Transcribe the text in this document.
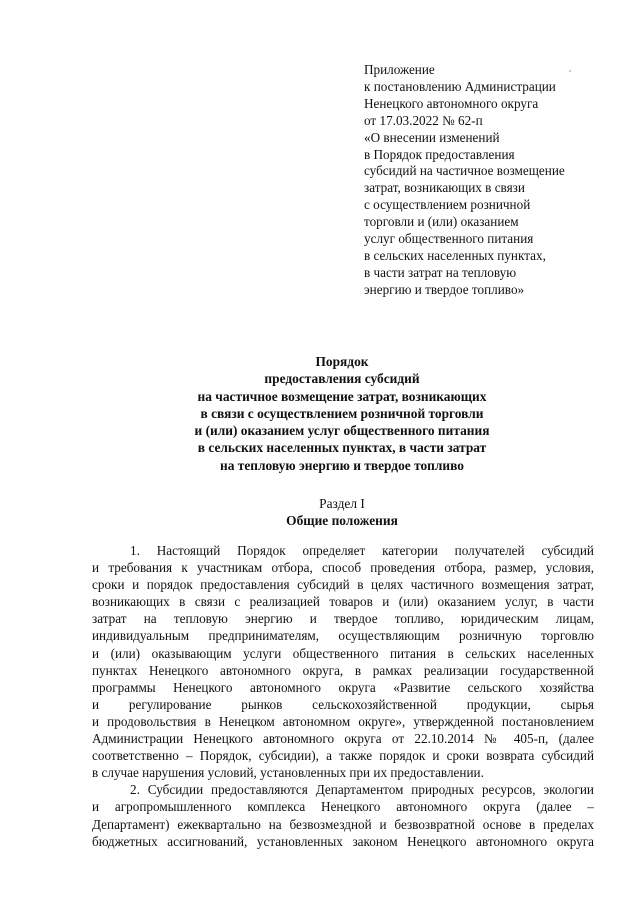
Приложение
к постановлению Администрации
Ненецкого автономного округа
от 17.03.2022 № 62-п
«О внесении изменений
в Порядок предоставления
субсидий на частичное возмещение
затрат, возникающих в связи
с осуществлением розничной
торговли и (или) оказанием
услуг общественного питания
в сельских населенных пунктах,
в части затрат на тепловую
энергию и твердое топливо»
Порядок
предоставления субсидий
на частичное возмещение затрат, возникающих
в связи с осуществлением розничной торговли
и (или) оказанием услуг общественного питания
в сельских населенных пунктах, в части затрат
на тепловую энергию и твердое топливо
Раздел I
Общие положения
1. Настоящий Порядок определяет категории получателей субсидий
и требования к участникам отбора, способ проведения отбора, размер, условия,
сроки и порядок предоставления субсидий в целях частичного возмещения затрат,
возникающих в связи с реализацией товаров и (или) оказанием услуг, в части
затрат на тепловую энергию и твердое топливо, юридическим лицам,
индивидуальным предпринимателям, осуществляющим розничную торговлю
и (или) оказывающим услуги общественного питания в сельских населенных
пунктах Ненецкого автономного округа, в рамках реализации государственной
программы Ненецкого автономного округа «Развитие сельского хозяйства
и регулирование рынков сельскохозяйственной продукции, сырья
и продовольствия в Ненецком автономном округе», утвержденной постановлением
Администрации Ненецкого автономного округа от 22.10.2014 № 405-п, (далее
соответственно – Порядок, субсидии), а также порядок и сроки возврата субсидий
в случае нарушения условий, установленных при их предоставлении.
2. Субсидии предоставляются Департаментом природных ресурсов, экологии
и агропромышленного комплекса Ненецкого автономного округа (далее –
Департамент) ежеквартально на безвозмездной и безвозвратной основе в пределах
бюджетных ассигнований, установленных законом Ненецкого автономного округа
